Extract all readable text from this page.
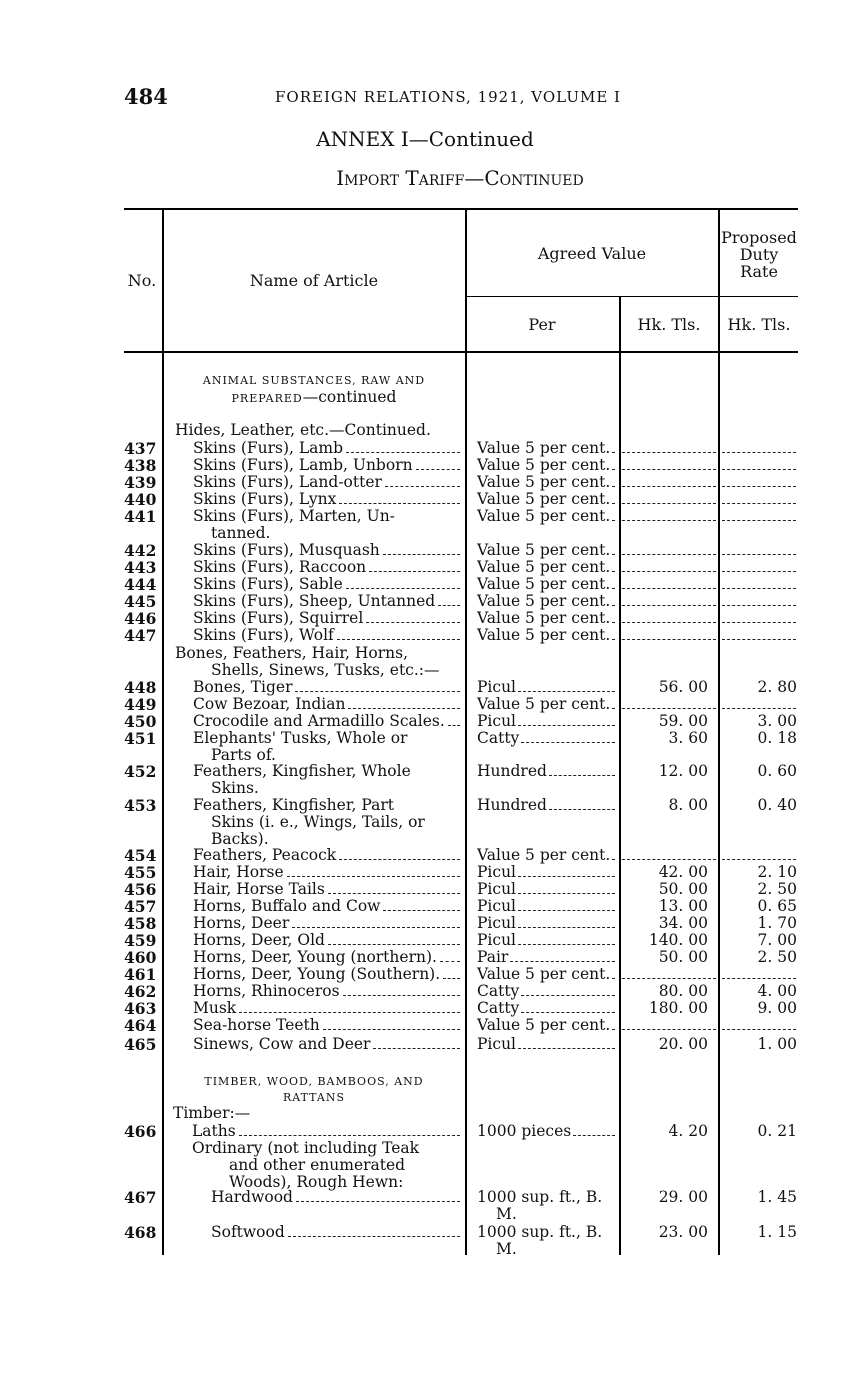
484	FOREIGN RELATIONS, 1921, VOLUME I
ANNEX I—Continued
Import Tariff—Continued
No.	Name of Article
Agreed Value
Proposed
Duty
Rate
Per	Hk. Tls.	Hk. Tls.
ANIMAL SUBSTANCES, RAW AND
PREPARED—continued
Hides, Leather, etc.—Continued.
Bones, Feathers, Hair, Horns,
Shells, Sinews, Tusks, etc.:—
TIMBER, WOOD, BAMBOOS, AND
RATTANS
Timber:—
Ordinary (not including Teak
and other enumerated
Woods), Rough Hewn:
437 Skins (Furs), Lamb	Value 5 per cent.
438 Skins (Furs), Lamb, Unborn	Value 5 per cent.
439 Skins (Furs), Land-otter	Value 5 per cent.
440 Skins (Furs), Lynx	Value 5 per cent.
441 Skins (Furs), Marten, Un-
tanned.
Value 5 per cent.
442 Skins (Furs), Musquash	Value 5 per cent.
443 Skins (Furs), Raccoon	Value 5 per cent.
444 Skins (Furs), Sable	Value 5 per cent.
445 Skins (Furs), Sheep, Untanned	Value 5 per cent.
446 Skins (Furs), Squirrel	Value 5 per cent.
447 Skins (Furs), Wolf	Value 5 per cent.
448 Bones, Tiger	Picul	56. 00	2. 80
449 Cow Bezoar, Indian	Value 5 per cent.
450 Crocodile and Armadillo Scales. Picul	59. 00	3. 00
451 Elephants' Tusks, Whole or
Parts of.
Catty	3. 60	0. 18
452 Feathers, Kingfisher, Whole
Skins.
Hundred	12. 00	0. 60
453 Feathers, Kingfisher, Part
Skins (i. e., Wings, Tails, or
Backs).
Hundred	8. 00	0. 40
454 Feathers, Peacock	Value 5 per cent.
455 Hair, Horse	Picul	42. 00	2. 10
456 Hair, Horse Tails	Picul	50. 00	2. 50
457 Horns, Buffalo and Cow	Picul	13. 00	0. 65
458 Horns, Deer	Picul	34. 00	1. 70
459 Horns, Deer, Old	Picul	140. 00	7. 00
460 Horns, Deer, Young (northern).	Pair	50. 00	2. 50
461 Horns, Deer, Young (Southern). Value 5 per cent.
462 Horns, Rhinoceros	Catty	80. 00	4. 00
463 Musk	Catty	180. 00	9. 00
464 Sea-horse Teeth	Value 5 per cent.
465 Sinews, Cow and Deer	Picul	20. 00	1. 00
466 Laths	1000 pieces	4. 20	0. 21
467	Hardwood	1000 sup. ft., B.
M.
29. 00	1. 45
468	Softwood	1000 sup. ft., B.
M.
23. 00	1. 15
